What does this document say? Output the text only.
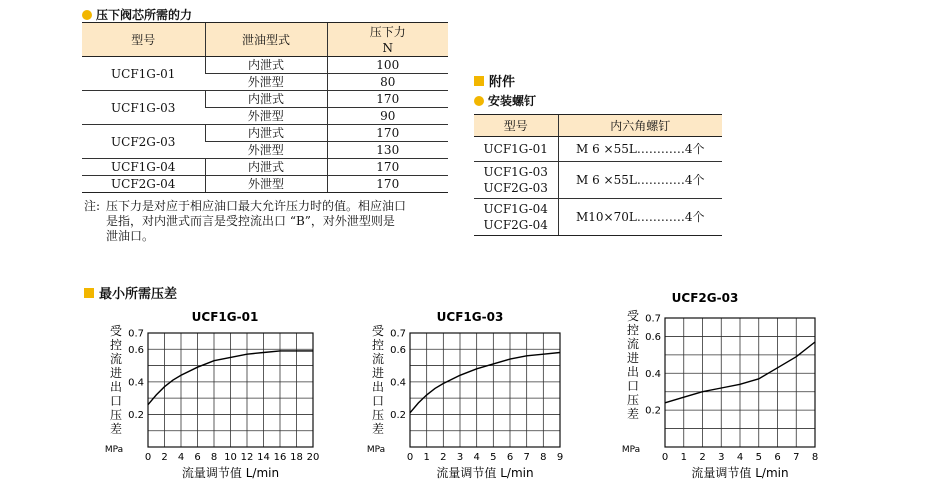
压下阀芯所需的力
型号	泄油型式	压下力
N
UCF1G-01	内泄式	100
	外泄型	80
UCF1G-03	内泄式	170
	外泄型	90
UCF2G-03	内泄式	170
	外泄型	130
UCF1G-04	内泄式	170
UCF2G-04	外泄型	170
注: 压下力是对应于相应油口最大允许压力时的值。相应油口
是指，对内泄式而言是受控流出口 “B”，对外泄型则是
泄油口。
附件
安装螺钉
型号	内六角螺钉
UCF1G-01	M 6 ×55L…………4个

UCF1G-03
UCF2G-03	M 6 ×55L…………4个

UCF1G-04
UCF2G-04	M10×70L…………4个
最小所需压差
UCF1G-01
0 2 4 6 8 10 12 14 16 18 20
0.2
0.4
0.6
0.7
受
控
流
进
出
口
压
差
MPa
流量调节值 L/min
UCF1G-03
0 1 2 3 4 5 6 7 8 9
0.2
0.4
0.6
0.7
受
控
流
进
出
口
压
差
MPa
流量调节值 L/min
UCF2G-03
0 1 2 3 4 5 6 7 8
0.2
0.4
0.6
0.7
受
控
流
进
出
口
压
差
MPa
流量调节值 L/min
